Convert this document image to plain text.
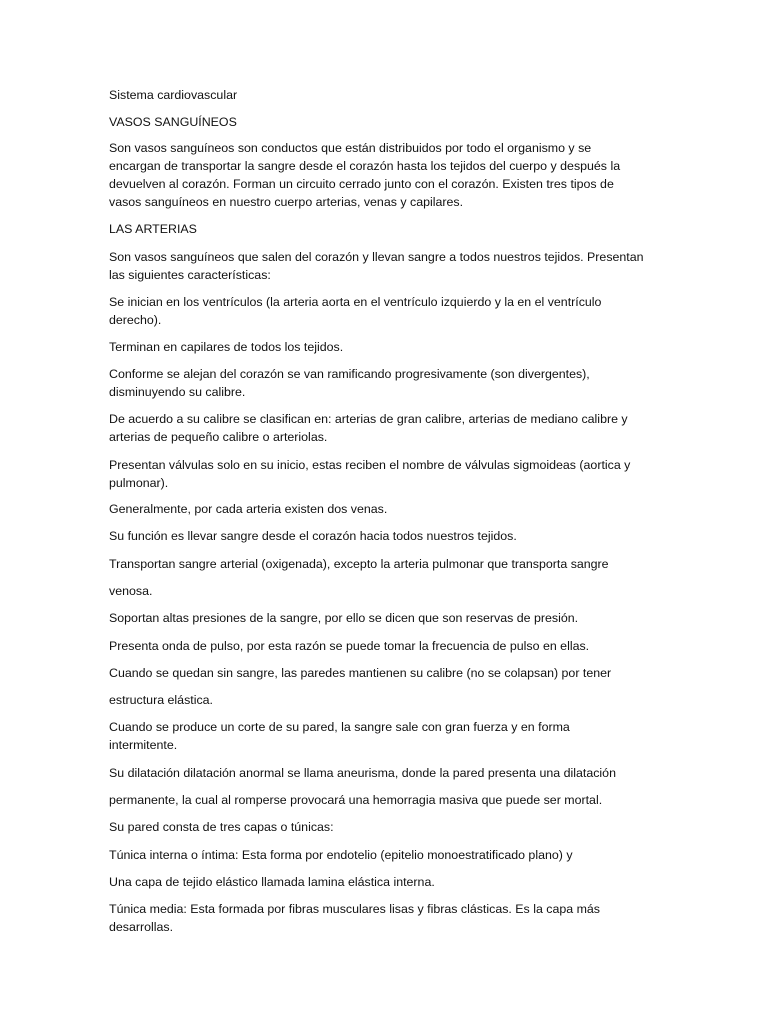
Sistema cardiovascular

VASOS SANGUÍNEOS

Son vasos sanguíneos son conductos que están distribuidos por todo el organismo y se

encargan de transportar la sangre desde el corazón hasta los tejidos del cuerpo y después la

devuelven al corazón. Forman un circuito cerrado junto con el corazón. Existen tres tipos de

vasos sanguíneos en nuestro cuerpo arterias, venas y capilares.

LAS ARTERIAS

Son vasos sanguíneos que salen del corazón y llevan sangre a todos nuestros tejidos. Presentan

las siguientes características:

Se inician en los ventrículos (la arteria aorta en el ventrículo izquierdo y la en el ventrículo

derecho).

Terminan en capilares de todos los tejidos.

Conforme se alejan del corazón se van ramificando progresivamente (son divergentes),

disminuyendo su calibre.

De acuerdo a su calibre se clasifican en: arterias de gran calibre, arterias de mediano calibre y

arterias de pequeño calibre o arteriolas.

Presentan válvulas solo en su inicio, estas reciben el nombre de válvulas sigmoideas (aortica y

pulmonar).

Generalmente, por cada arteria existen dos venas.

Su función es llevar sangre desde el corazón hacia todos nuestros tejidos.

Transportan sangre arterial (oxigenada), excepto la arteria pulmonar que transporta sangre

venosa.

Soportan altas presiones de la sangre, por ello se dicen que son reservas de presión.

Presenta onda de pulso, por esta razón se puede tomar la frecuencia de pulso en ellas.

Cuando se quedan sin sangre, las paredes mantienen su calibre (no se colapsan) por tener

estructura elástica.

Cuando se produce un corte de su pared, la sangre sale con gran fuerza y en forma

intermitente.

Su dilatación dilatación anormal se llama aneurisma, donde la pared presenta una dilatación

permanente, la cual al romperse provocará una hemorragia masiva que puede ser mortal.

Su pared consta de tres capas o túnicas:

Túnica interna o íntima: Esta forma por endotelio (epitelio monoestratificado plano) y

Una capa de tejido elástico llamada lamina elástica interna.

Túnica media: Esta formada por fibras musculares lisas y fibras clásticas. Es la capa más

desarrollas.
